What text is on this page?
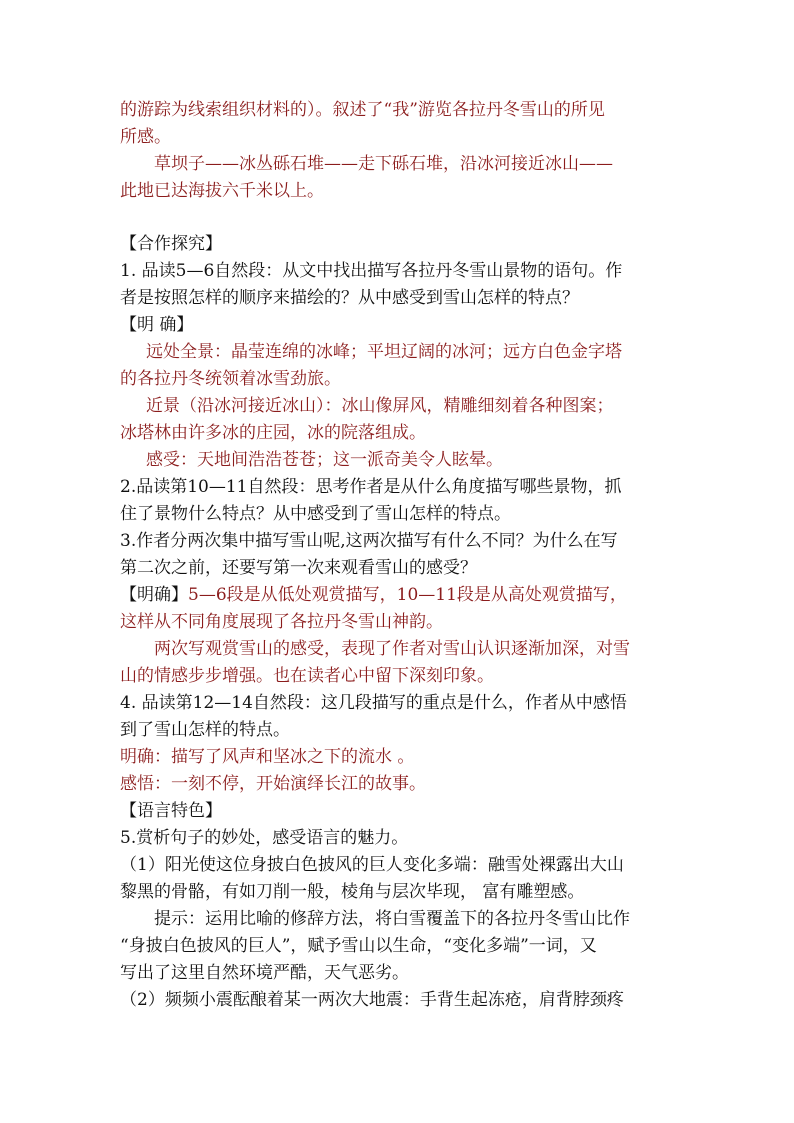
的游踪为线索组织材料的）。叙述了“我”游览各拉丹冬雪山的所见
所感。
草坝子——冰丛砾石堆——走下砾石堆，沿冰河接近冰山——
此地已达海拔六千米以上。
【合作探究】
1. 品读5—6自然段：从文中找出描写各拉丹冬雪山景物的语句。作
者是按照怎样的顺序来描绘的？从中感受到雪山怎样的特点？
【明 确】
远处全景：晶莹连绵的冰峰；平坦辽阔的冰河；远方白色金字塔
的各拉丹冬统领着冰雪劲旅。
近景（沿冰河接近冰山）：冰山像屏风，精雕细刻着各种图案；
冰塔林由许多冰的庄园，冰的院落组成。
感受：天地间浩浩苍苍；这一派奇美令人眩晕。
2.品读第10—11自然段：思考作者是从什么角度描写哪些景物，抓
住了景物什么特点？从中感受到了雪山怎样的特点。
3.作者分两次集中描写雪山呢,这两次描写有什么不同？为什么在写
第二次之前，还要写第一次来观看雪山的感受？
【明确】5—6段是从低处观赏描写，10—11段是从高处观赏描写，
这样从不同角度展现了各拉丹冬雪山神韵。
两次写观赏雪山的感受，表现了作者对雪山认识逐渐加深，对雪
山的情感步步增强。也在读者心中留下深刻印象。
4. 品读第12—14自然段：这几段描写的重点是什么，作者从中感悟
到了雪山怎样的特点。
明确：描写了风声和坚冰之下的流水 。
感悟：一刻不停，开始演绎长江的故事。
【语言特色】
5.赏析句子的妙处，感受语言的魅力。
（1）阳光使这位身披白色披风的巨人变化多端：融雪处裸露出大山
黎黑的骨骼，有如刀削一般，棱角与层次毕现， 富有雕塑感。
提示：运用比喻的修辞方法，将白雪覆盖下的各拉丹冬雪山比作
“身披白色披风的巨人”，赋予雪山以生命，“变化多端”一词，又
写出了这里自然环境严酷，天气恶劣。
（2）频频小震酝酿着某一两次大地震：手背生起冻疮，肩背脖颈疼
